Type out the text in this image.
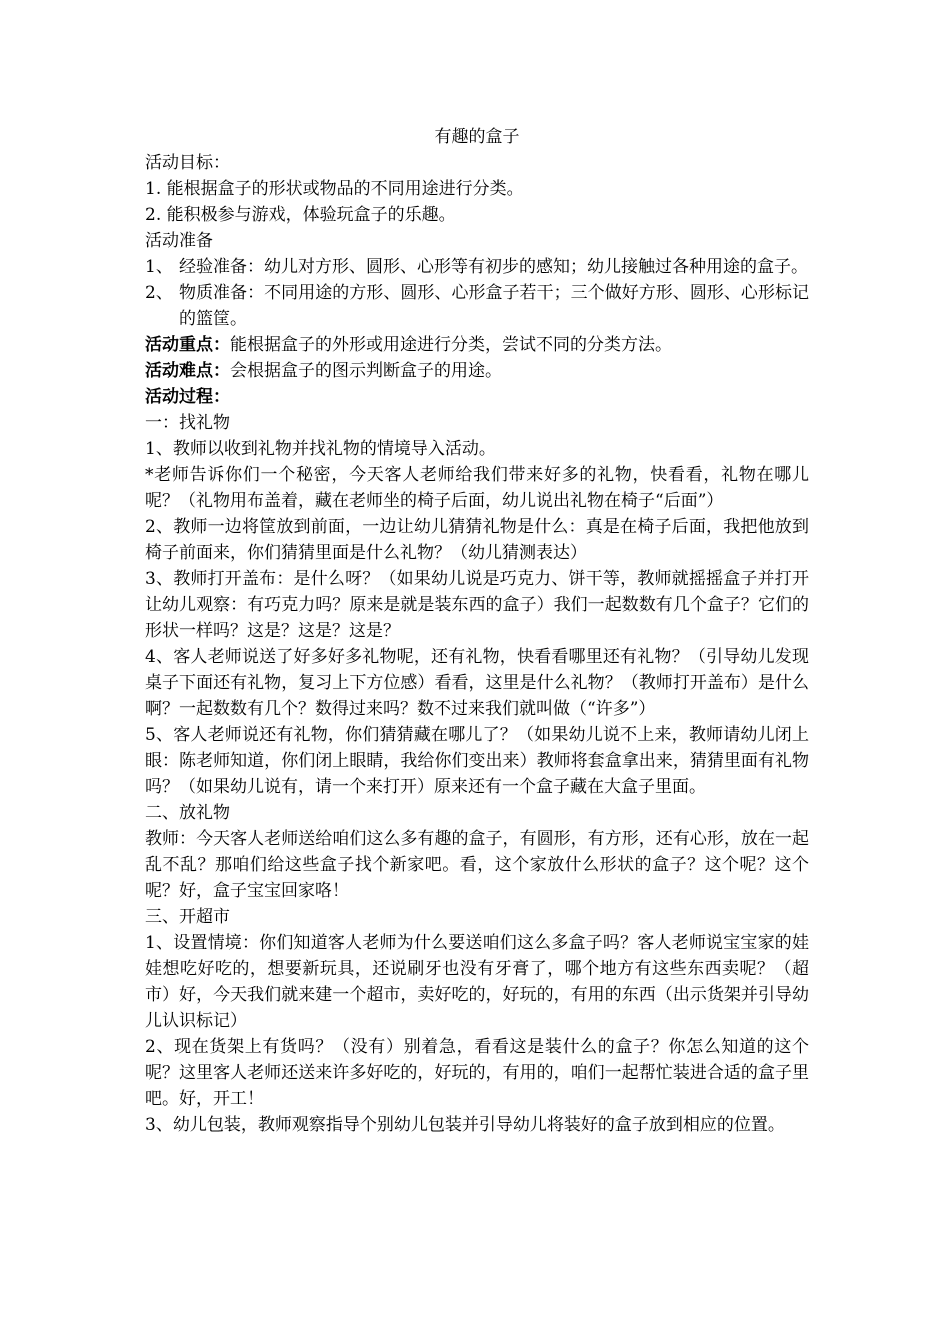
有趣的盒子

活动目标：

1. 能根据盒子的形状或物品的不同用途进行分类。

2. 能积极参与游戏，体验玩盒子的乐趣。

活动准备

1、 经验准备：幼儿对方形、圆形、心形等有初步的感知；幼儿接触过各种用途的盒子。
2、 物质准备：不同用途的方形、圆形、心形盒子若干；三个做好方形、圆形、心形标记的篮筐。

活动重点：能根据盒子的外形或用途进行分类，尝试不同的分类方法。

活动难点：会根据盒子的图示判断盒子的用途。

活动过程：

一：找礼物

1、教师以收到礼物并找礼物的情境导入活动。

*老师告诉你们一个秘密，今天客人老师给我们带来好多的礼物，快看看，礼物在哪儿呢？（礼物用布盖着，藏在老师坐的椅子后面，幼儿说出礼物在椅子“后面”）

2、教师一边将筐放到前面，一边让幼儿猜猜礼物是什么：真是在椅子后面，我把他放到椅子前面来，你们猜猜里面是什么礼物？（幼儿猜测表达）

3、教师打开盖布：是什么呀？（如果幼儿说是巧克力、饼干等，教师就摇摇盒子并打开让幼儿观察：有巧克力吗？原来是就是装东西的盒子）我们一起数数有几个盒子？它们的形状一样吗？这是？这是？这是？

4、客人老师说送了好多好多礼物呢，还有礼物，快看看哪里还有礼物？（引导幼儿发现桌子下面还有礼物，复习上下方位感）看看，这里是什么礼物？（教师打开盖布）是什么啊？一起数数有几个？数得过来吗？数不过来我们就叫做（“许多”）

5、客人老师说还有礼物，你们猜猜藏在哪儿了？（如果幼儿说不上来，教师请幼儿闭上眼：陈老师知道，你们闭上眼睛，我给你们变出来）教师将套盒拿出来，猜猜里面有礼物吗？（如果幼儿说有，请一个来打开）原来还有一个盒子藏在大盒子里面。

二、放礼物

教师：今天客人老师送给咱们这么多有趣的盒子，有圆形，有方形，还有心形，放在一起乱不乱？那咱们给这些盒子找个新家吧。看，这个家放什么形状的盒子？这个呢？这个呢？好，盒子宝宝回家咯！

三、开超市

1、设置情境：你们知道客人老师为什么要送咱们这么多盒子吗？客人老师说宝宝家的娃娃想吃好吃的，想要新玩具，还说刷牙也没有牙膏了，哪个地方有这些东西卖呢？（超市）好，今天我们就来建一个超市，卖好吃的，好玩的，有用的东西（出示货架并引导幼儿认识标记）

2、现在货架上有货吗？（没有）别着急，看看这是装什么的盒子？你怎么知道的这个呢？这里客人老师还送来许多好吃的，好玩的，有用的，咱们一起帮忙装进合适的盒子里吧。好，开工！

3、幼儿包装，教师观察指导个别幼儿包装并引导幼儿将装好的盒子放到相应的位置。
